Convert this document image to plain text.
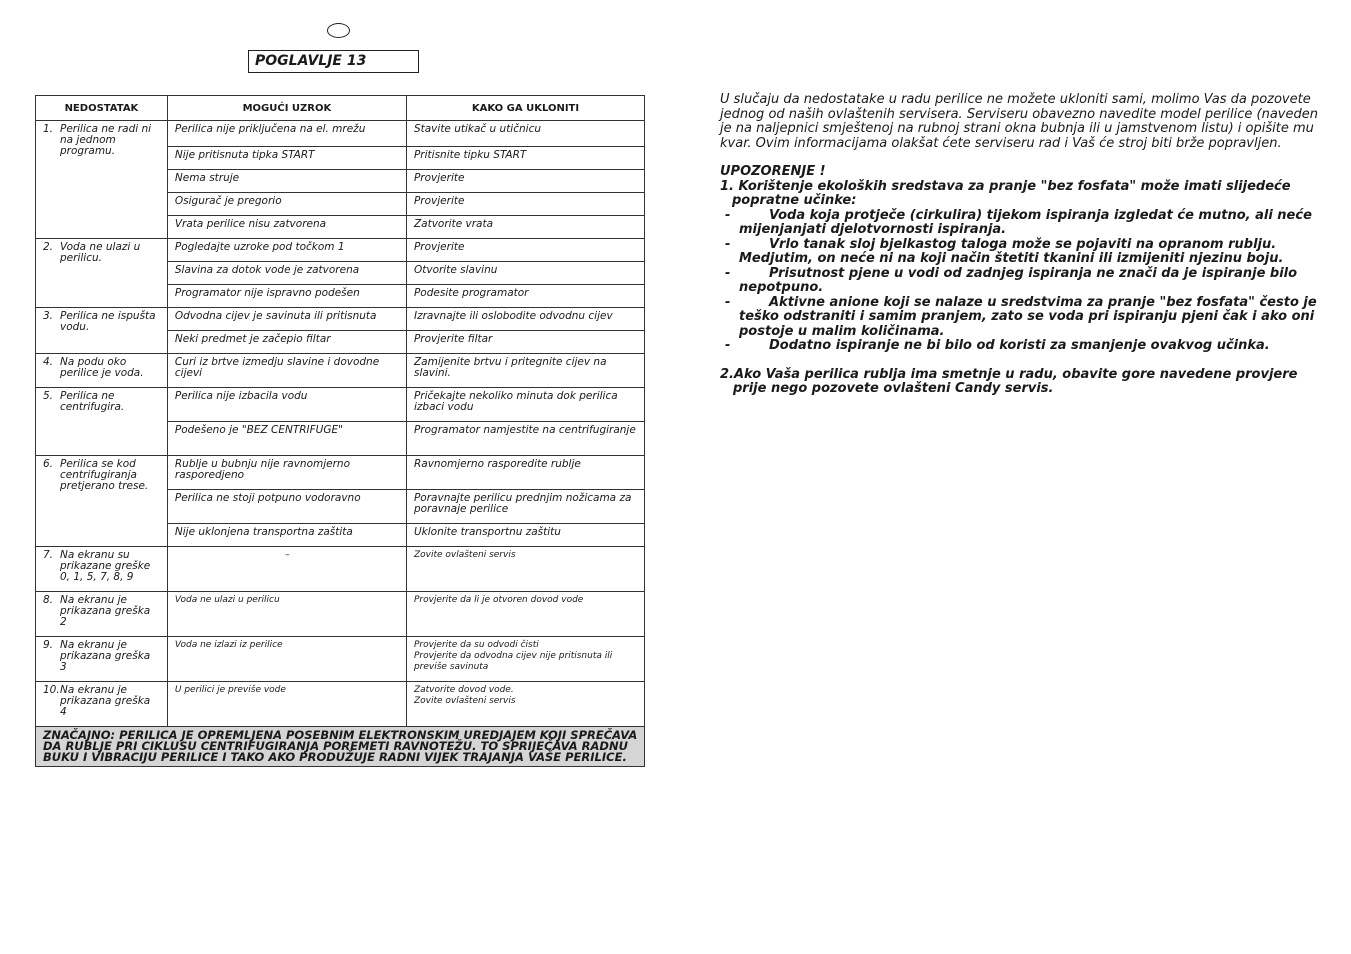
POGLAVLJE 13
NEDOSTATAK	MOGUĆI UZROK	KAKO GA UKLONITI
1. Perilica ne radi ni na jednom programu.	Perilica nije priključena na el. mrežu	Stavite utikač u utičnicu
	Nije pritisnuta tipka START	Pritisnite tipku START
	Nema struje	Provjerite
	Osigurač je pregorio	Provjerite
	Vrata perilice nisu zatvorena	Zatvorite vrata
2. Voda ne ulazi u perilicu.	Pogledajte uzroke pod točkom 1	Provjerite
	Slavina za dotok vode je zatvorena	Otvorite slavinu
	Programator nije ispravno podešen	Podesite programator
3. Perilica ne ispušta vodu.	Odvodna cijev je savinuta ili pritisnuta	Izravnajte ili oslobodite odvodnu cijev
	Neki predmet je začepio filtar	Provjerite filtar
4. Na podu oko perilice je voda.	Curi iz brtve izmedju slavine i dovodne cijevi	Zamijenite brtvu i pritegnite cijev na slavini.
5. Perilica ne centrifugira.	Perilica nije izbacila vodu	Pričekajte nekoliko minuta dok perilica izbaci vodu
	Podešeno je "BEZ CENTRIFUGE"	Programator namjestite na centrifugiranje
6. Perilica se kod centrifugiranja pretjerano trese.	Rublje u bubnju nije ravnomjerno rasporedjeno	Ravnomjerno rasporedite rublje
	Perilica ne stoji potpuno vodoravno	Poravnajte perilicu prednjim nožicama za poravnaje perilice
	Nije uklonjena transportna zaštita	Uklonite transportnu zaštitu
7. Na ekranu su prikazane greške 0, 1, 5, 7, 8, 9	–	Zovite ovlašteni servis
8. Na ekranu je prikazana greška 2	Voda ne ulazi u perilicu	Provjerite da li je otvoren dovod vode
9. Na ekranu je prikazana greška 3	Voda ne izlazi iz perilice	Provjerite da su odvodi čisti
Provjerite da odvodna cijev nije pritisnuta ili previše savinuta
10.Na ekranu je prikazana greška 4	U perilici je previše vode	Zatvorite dovod vode.
Zovite ovlašteni servis
ZNAČAJNO: PERILICA JE OPREMLJENA POSEBNIM ELEKTRONSKIM UREDJAJEM KOJI SPREČAVA DA RUBLJE PRI CIKLUSU CENTRIFUGIRANJA POREMETI RAVNOTEŽU. TO SPRIJEČAVA RADNU BUKU I VIBRACIJU PERILICE I TAKO AKO PRODUŽUJE RADNI VIJEK TRAJANJA VAŠE PERILICE.		

U slučaju da nedostatake u radu perilice ne možete ukloniti sami, molimo Vas da pozovete jednog od naših ovlaštenih servisera. Serviseru obavezno navedite model perilice (naveden je na naljepnici smještenoj na rubnoj strani okna bubnja ili u jamstvenom listu) i opišite mu kvar. Ovim informacijama olakšat ćete serviseru rad i Vaš će stroj biti brže popravljen.

UPOZORENJE !

1. Korištenje ekoloških sredstava za pranje "bez fosfata" može imati slijedeće popratne učinke:

-	Voda koja protječe (cirkulira) tijekom ispiranja izgledat će mutno, ali neće mijenjanjati djelotvornosti ispiranja.

-	Vrlo tanak sloj bjelkastog taloga može se pojaviti na opranom rublju. Medjutim, on neće ni na koji način štetiti tkanini ili izmijeniti njezinu boju.

-	Prisutnost pjene u vodi od zadnjeg ispiranja ne znači da je ispiranje bilo nepotpuno.

-	Aktivne anione koji se nalaze u sredstvima za pranje "bez fosfata" često je teško odstraniti i samim pranjem, zato se voda pri ispiranju pjeni čak i ako oni postoje u malim količinama.

-	Dodatno ispiranje ne bi bilo od koristi za smanjenje ovakvog učinka.

2.Ako Vaša perilica rublja ima smetnje u radu, obavite gore navedene provjere prije nego pozovete ovlašteni Candy servis.
